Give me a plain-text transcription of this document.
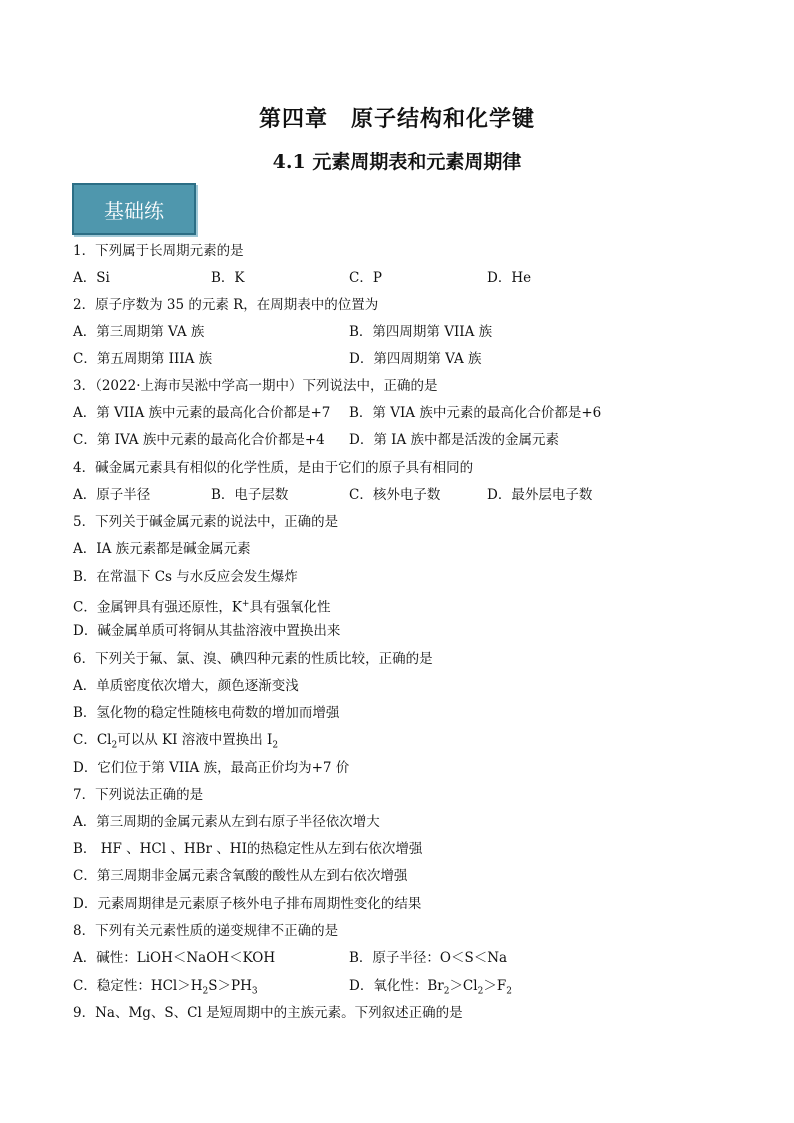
第四章　原子结构和化学键
4.1 元素周期表和元素周期律
基础练
1．下列属于长周期元素的是
A．Si	B．K	C．P	D．He
2．原子序数为 35 的元素 R，在周期表中的位置为
A．第三周期第 VA 族	B．第四周期第 VIIA 族
C．第五周期第 IIIA 族	D．第四周期第 VA 族
3．（2022·上海市吴淞中学高一期中）下列说法中，正确的是
A．第 VIIA 族中元素的最高化合价都是+7 B．第 VIA 族中元素的最高化合价都是+6
C．第 IVA 族中元素的最高化合价都是+4 D．第 IA 族中都是活泼的金属元素
4．碱金属元素具有相似的化学性质，是由于它们的原子具有相同的
A．原子半径	B．电子层数	C．核外电子数	D．最外层电子数
5．下列关于碱金属元素的说法中，正确的是
A．IA 族元素都是碱金属元素
B．在常温下 Cs 与水反应会发生爆炸
C．金属钾具有强还原性，K+具有强氧化性
D．碱金属单质可将铜从其盐溶液中置换出来
6．下列关于氟、氯、溴、碘四种元素的性质比较，正确的是
A．单质密度依次增大，颜色逐渐变浅
B．氢化物的稳定性随核电荷数的增加而增强
C．$Cl_2$可以从 KI 溶液中置换出 $I_2$
D．它们位于第 VIIA 族，最高正价均为+7 价
7．下列说法正确的是
A．第三周期的金属元素从左到右原子半径依次增大
B． HF 、HCl 、HBr 、HI的热稳定性从左到右依次增强
C．第三周期非金属元素含氧酸的酸性从左到右依次增强
D．元素周期律是元素原子核外电子排布周期性变化的结果
8．下列有关元素性质的递变规律不正确的是
A．碱性：LiOH＜NaOH＜KOH	B．原子半径：O＜S＜Na
C．稳定性：$HCl>H_2S>PH_3$	D．氧化性：$Br_2>Cl_2>F_2$
9．Na、Mg、S、Cl 是短周期中的主族元素。下列叙述正确的是
